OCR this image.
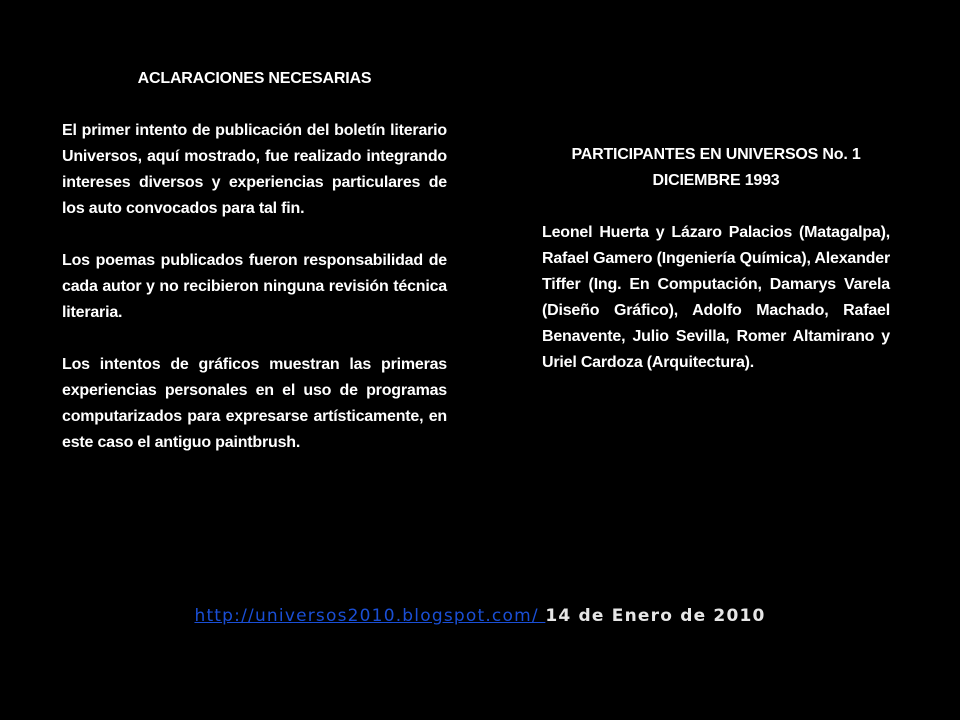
ACLARACIONES NECESARIAS

El primer intento de publicación del boletín literario Universos, aquí mostrado, fue realizado integrando intereses diversos y experiencias particulares de los auto convocados para tal fin.

Los poemas publicados fueron responsabilidad de cada autor y no recibieron ninguna revisión técnica literaria.

Los intentos de gráficos muestran las primeras experiencias personales en el uso de programas computarizados para expresarse artísticamente, en este caso el antiguo paintbrush.

PARTICIPANTES EN UNIVERSOS No. 1

DICIEMBRE 1993

Leonel Huerta y Lázaro Palacios (Matagalpa), Rafael Gamero (Ingeniería Química), Alexander Tiffer (Ing. En Computación, Damarys Varela (Diseño Gráfico), Adolfo Machado, Rafael Benavente, Julio Sevilla, Romer Altamirano y Uriel Cardoza (Arquitectura).

http://universos2010.blogspot.com/ 14 de Enero de 2010
